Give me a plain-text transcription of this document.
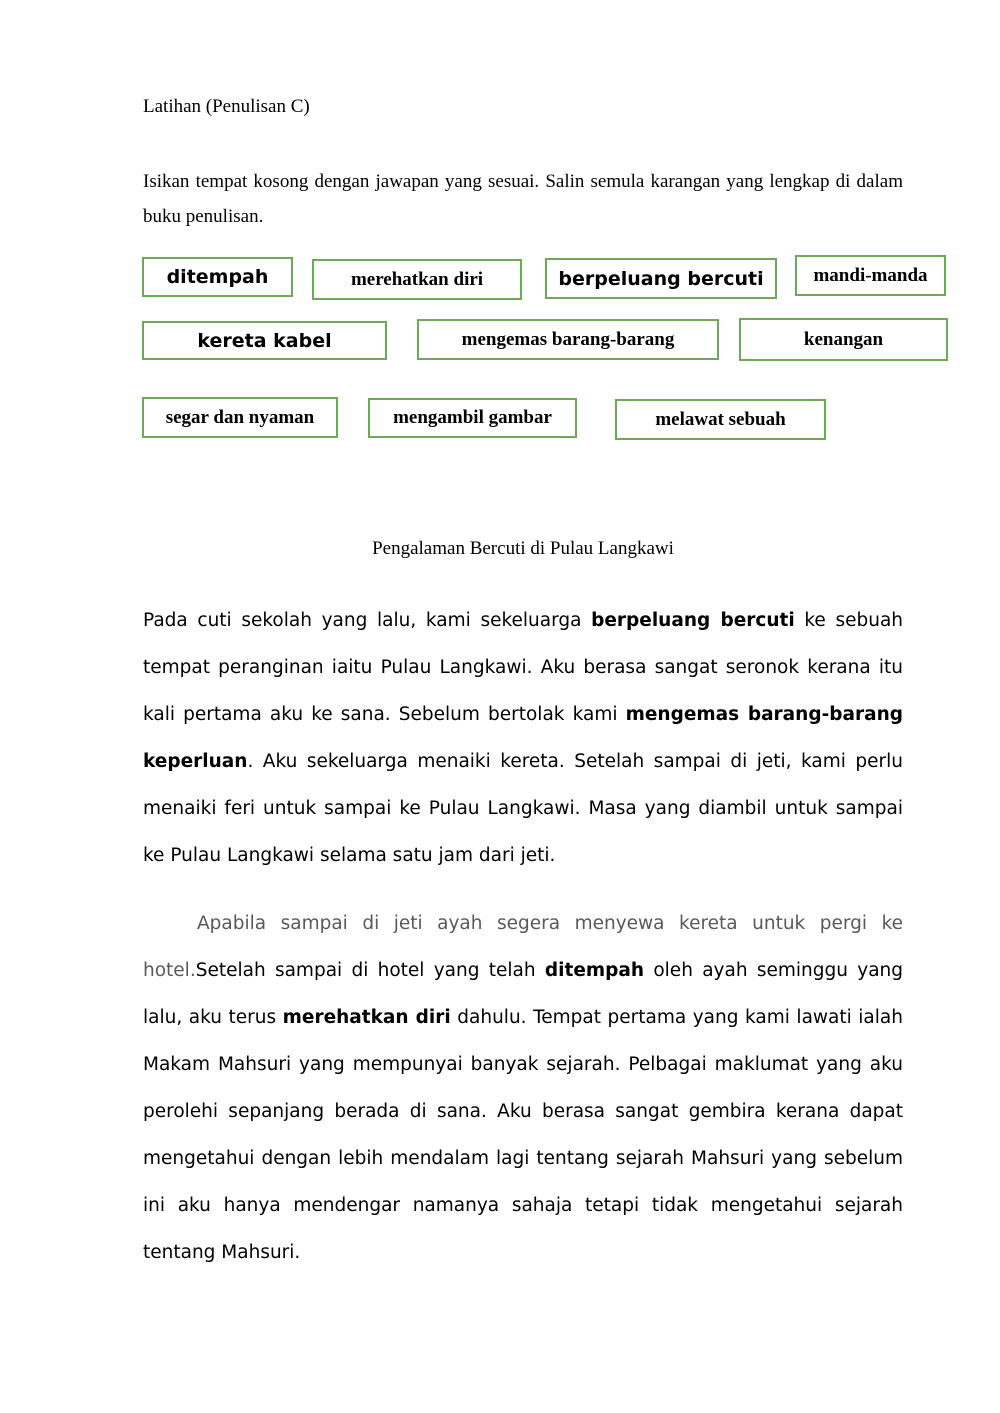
Latihan (Penulisan C)
Isikan tempat kosong dengan jawapan yang sesuai. Salin semula karangan yang lengkap di dalam buku penulisan.
ditempah	merehatkan diri	berpeluang bercuti	mandi-manda
kereta kabel	mengemas barang-barang	kenangan
segar dan nyaman	mengambil gambar	melawat sebuah
Pengalaman Bercuti di Pulau Langkawi
Pada cuti sekolah yang lalu, kami sekeluarga berpeluang bercuti ke sebuah tempat peranginan iaitu Pulau Langkawi. Aku berasa sangat seronok kerana itu kali pertama aku ke sana. Sebelum bertolak kami mengemas barang-barang keperluan. Aku sekeluarga menaiki kereta. Setelah sampai di jeti, kami perlu menaiki feri untuk sampai ke Pulau Langkawi. Masa yang diambil untuk sampai ke Pulau Langkawi selama satu jam dari jeti.
Apabila sampai di jeti ayah segera menyewa kereta untuk pergi ke hotel.Setelah sampai di hotel yang telah ditempah oleh ayah seminggu yang lalu, aku terus merehatkan diri dahulu. Tempat pertama yang kami lawati ialah Makam Mahsuri yang mempunyai banyak sejarah. Pelbagai maklumat yang aku perolehi sepanjang berada di sana. Aku berasa sangat gembira kerana dapat mengetahui dengan lebih mendalam lagi tentang sejarah Mahsuri yang sebelum ini aku hanya mendengar namanya sahaja tetapi tidak mengetahui sejarah tentang Mahsuri.
